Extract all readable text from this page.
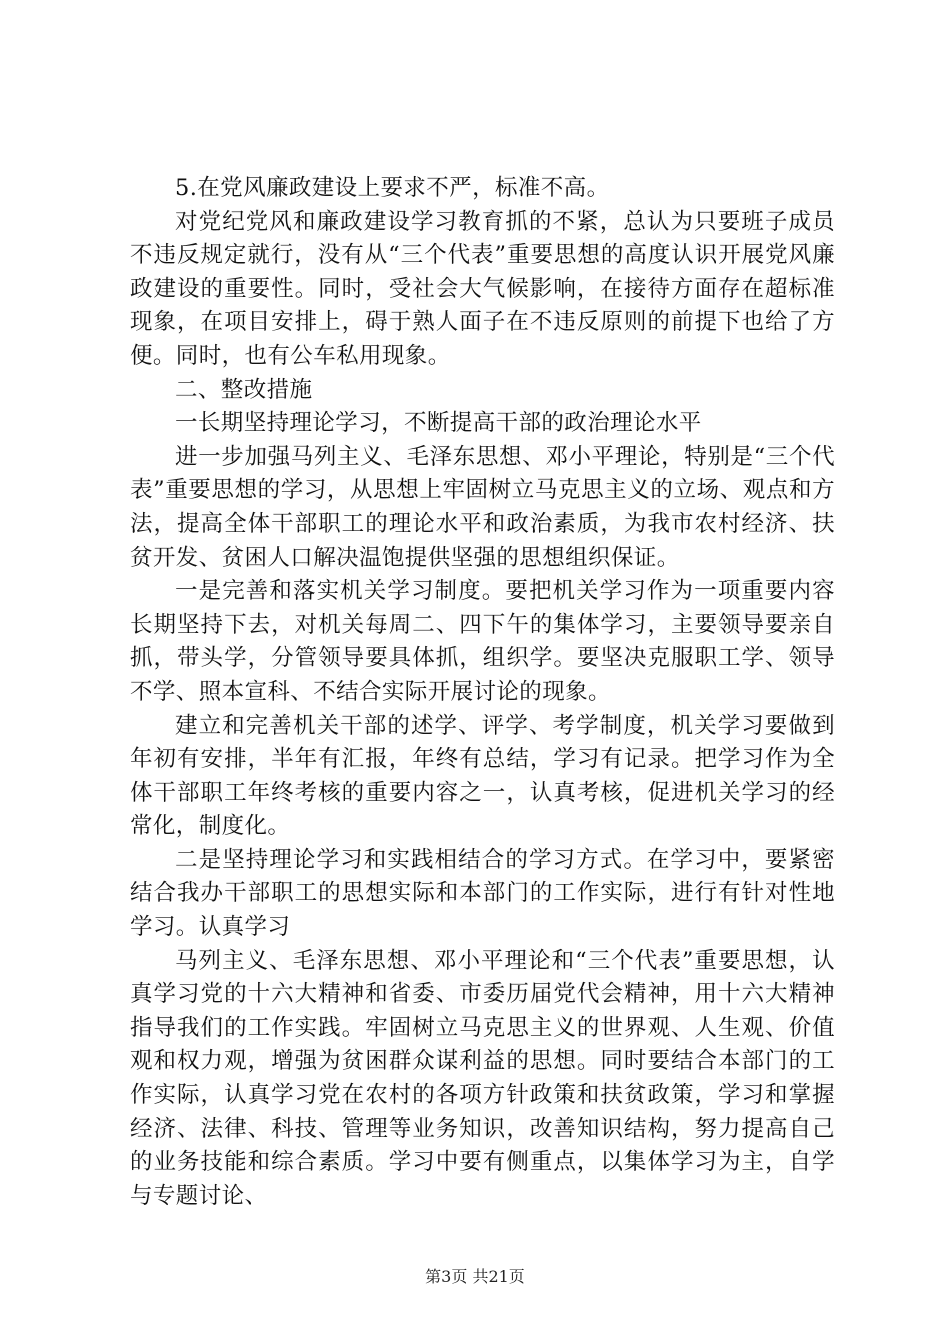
5.在党风廉政建设上要求不严，标准不高。

对党纪党风和廉政建设学习教育抓的不紧，总认为只要班子成员不违反规定就行，没有从“三个代表”重要思想的高度认识开展党风廉政建设的重要性。同时，受社会大气候影响，在接待方面存在超标准现象，在项目安排上，碍于熟人面子在不违反原则的前提下也给了方便。同时，也有公车私用现象。

二、整改措施

一长期坚持理论学习，不断提高干部的政治理论水平

进一步加强马列主义、毛泽东思想、邓小平理论，特别是“三个代表”重要思想的学习，从思想上牢固树立马克思主义的立场、观点和方法，提高全体干部职工的理论水平和政治素质，为我市农村经济、扶贫开发、贫困人口解决温饱提供坚强的思想组织保证。

一是完善和落实机关学习制度。要把机关学习作为一项重要内容长期坚持下去，对机关每周二、四下午的集体学习，主要领导要亲自抓，带头学，分管领导要具体抓，组织学。要坚决克服职工学、领导不学、照本宣科、不结合实际开展讨论的现象。

建立和完善机关干部的述学、评学、考学制度，机关学习要做到年初有安排，半年有汇报，年终有总结，学习有记录。把学习作为全体干部职工年终考核的重要内容之一，认真考核，促进机关学习的经常化，制度化。

二是坚持理论学习和实践相结合的学习方式。在学习中，要紧密结合我办干部职工的思想实际和本部门的工作实际，进行有针对性地学习。认真学习

马列主义、毛泽东思想、邓小平理论和“三个代表”重要思想，认真学习党的十六大精神和省委、市委历届党代会精神，用十六大精神指导我们的工作实践。牢固树立马克思主义的世界观、人生观、价值观和权力观，增强为贫困群众谋利益的思想。同时要结合本部门的工作实际，认真学习党在农村的各项方针政策和扶贫政策，学习和掌握经济、法律、科技、管理等业务知识，改善知识结构，努力提高自己的业务技能和综合素质。学习中要有侧重点，以集体学习为主，自学与专题讨论、

第3页 共21页
